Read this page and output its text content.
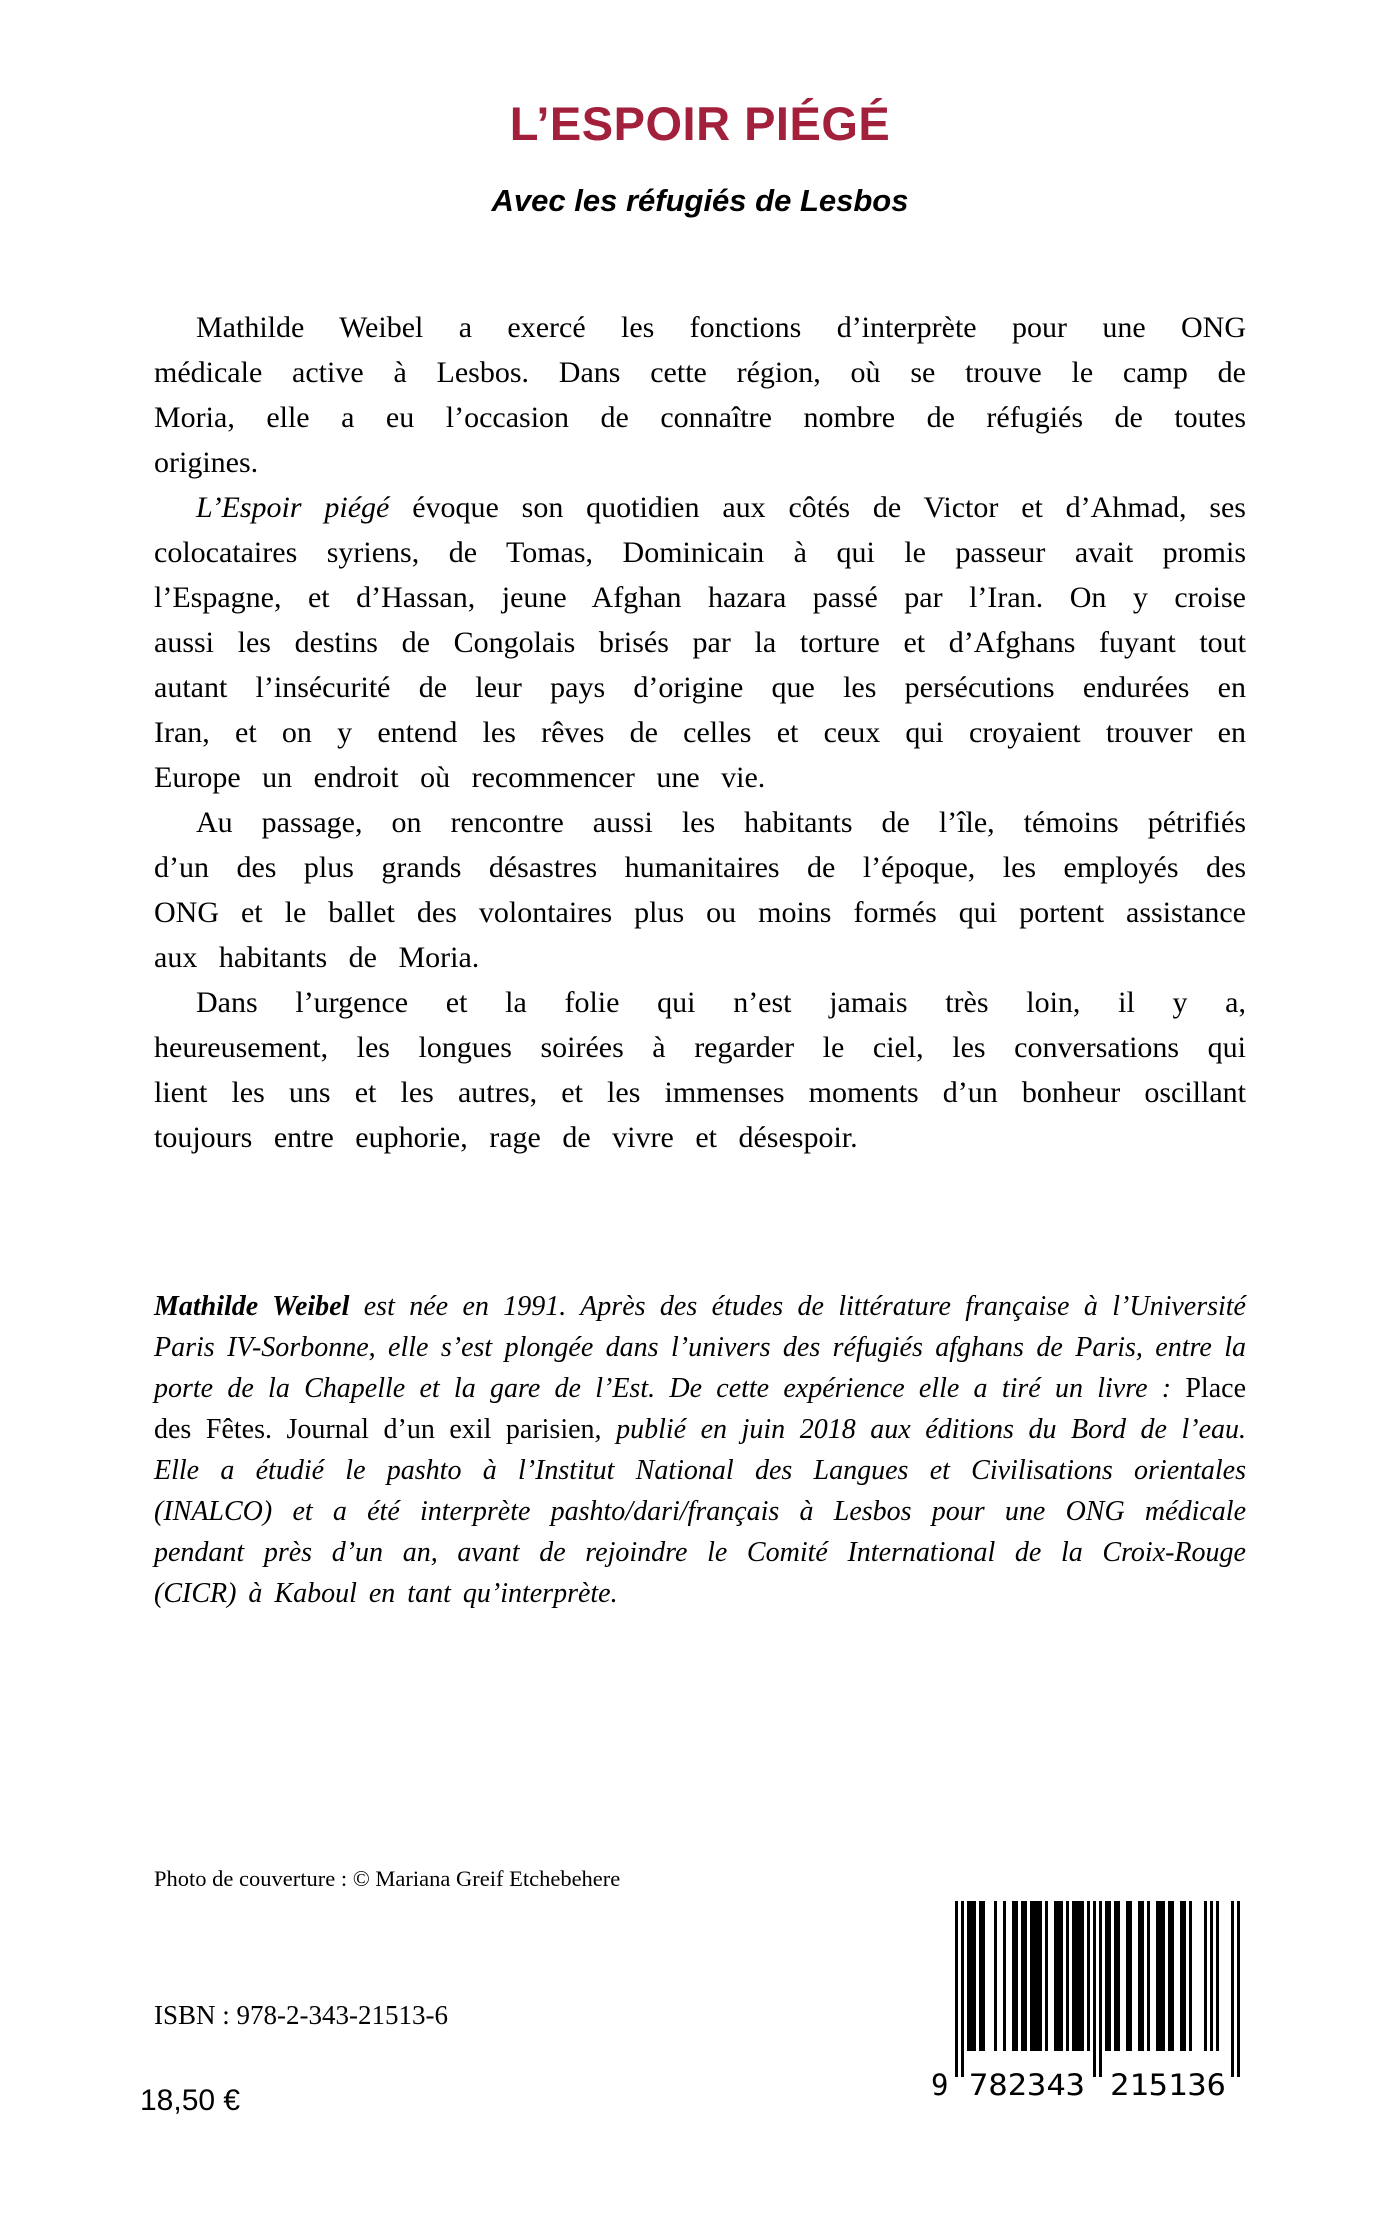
L’ESPOIR PIÉGÉ
Avec les réfugiés de Lesbos

Mathilde Weibel a exercé les fonctions d’interprète pour une ONG médicale active à Lesbos. Dans cette région, où se trouve le camp de Moria, elle a eu l’occasion de connaître nombre de réfugiés de toutes origines.

L’Espoir piégé évoque son quotidien aux côtés de Victor et d’Ahmad, ses colocataires syriens, de Tomas, Dominicain à qui le passeur avait promis l’Espagne, et d’Hassan, jeune Afghan hazara passé par l’Iran. On y croise aussi les destins de Congolais brisés par la torture et d’Afghans fuyant tout autant l’insécurité de leur pays d’origine que les persécutions endurées en Iran, et on y entend les rêves de celles et ceux qui croyaient trouver en Europe un endroit où recommencer une vie.

Au passage, on rencontre aussi les habitants de l’île, témoins pétrifiés d’un des plus grands désastres humanitaires de l’époque, les employés des ONG et le ballet des volontaires plus ou moins formés qui portent assistance aux habitants de Moria.

Dans l’urgence et la folie qui n’est jamais très loin, il y a, heureusement, les longues soirées à regarder le ciel, les conversations qui lient les uns et les autres, et les immenses moments d’un bonheur oscillant toujours entre euphorie, rage de vivre et désespoir.

Mathilde Weibel est née en 1991. Après des études de littérature française à l’Université Paris IV-Sorbonne, elle s’est plongée dans l’univers des réfugiés afghans de Paris, entre la porte de la Chapelle et la gare de l’Est. De cette expérience elle a tiré un livre : Place des Fêtes. Journal d’un exil parisien, publié en juin 2018 aux éditions du Bord de l’eau. Elle a étudié le pashto à l’Institut National des Langues et Civilisations orientales (INALCO) et a été interprète pashto/dari/français à Lesbos pour une ONG médicale pendant près d’un an, avant de rejoindre le Comité International de la Croix-Rouge (CICR) à Kaboul en tant qu’interprète.

Photo de couverture : © Mariana Greif Etchebehere
ISBN : 978-2-343-21513-6
18,50 €	9 782343 215136
